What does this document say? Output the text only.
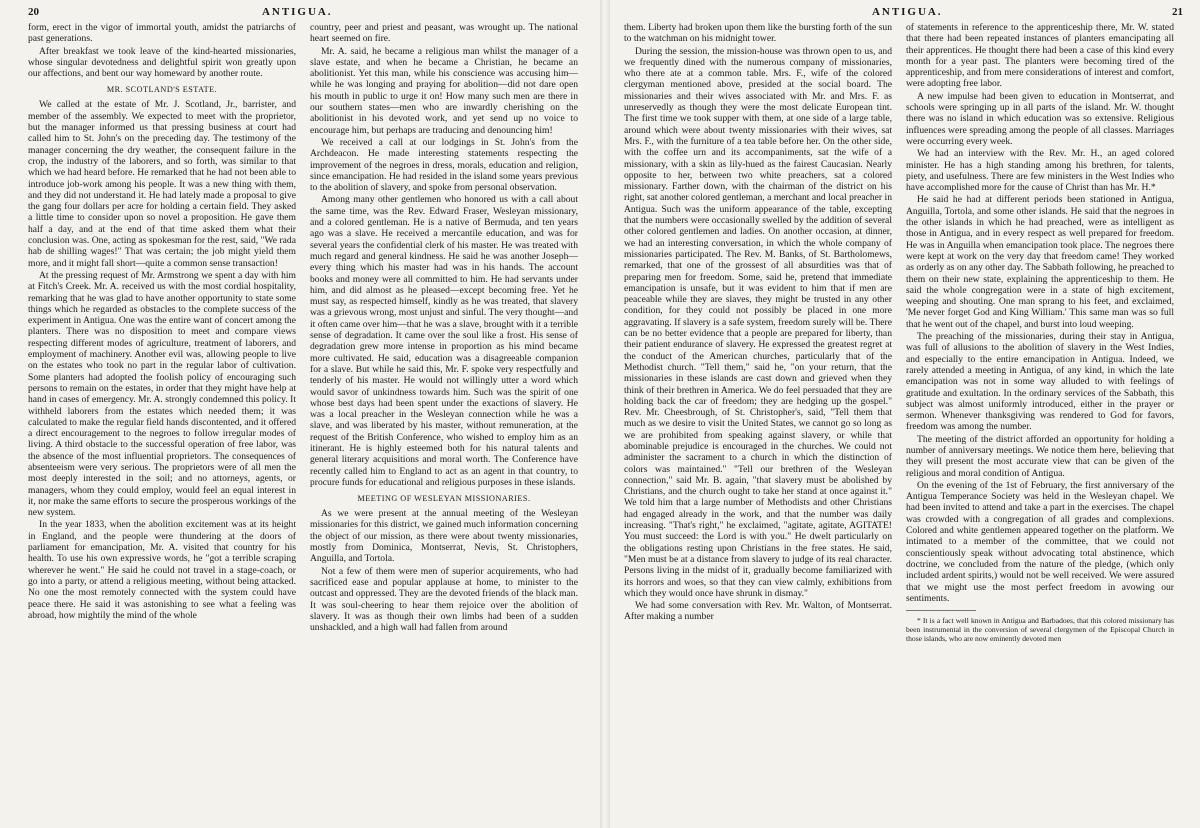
20	ANTIGUA.

form, erect in the vigor of immortal youth, amidst the patriarchs of past generations.

After breakfast we took leave of the kind-hearted missionaries, whose singular devotedness and delightful spirit won greatly upon our affections, and bent our way homeward by another route.

MR. SCOTLAND'S ESTATE.

We called at the estate of Mr. J. Scotland, Jr., barrister, and member of the assembly. We expected to meet with the proprietor, but the manager informed us that pressing business at court had called him to St. John's on the preceding day. The testimony of the manager concerning the dry weather, the consequent failure in the crop, the industry of the laborers, and so forth, was similar to that which we had heard before. He remarked that he had not been able to introduce job-work among his people. It was a new thing with them, and they did not understand it. He had lately made a proposal to give the gang four dollars per acre for holding a certain field. They asked a little time to consider upon so novel a proposition. He gave them half a day, and at the end of that time asked them what their conclusion was. One, acting as spokesman for the rest, said, "We rada hab de shilling wages!" That was certain; the job might yield them more, and it might fall short—quite a common sense transaction!

At the pressing request of Mr. Armstrong we spent a day with him at Fitch's Creek. Mr. A. received us with the most cordial hospitality, remarking that he was glad to have another opportunity to state some things which he regarded as obstacles to the complete success of the experiment in Antigua. One was the entire want of concert among the planters. There was no disposition to meet and compare views respecting different modes of agriculture, treatment of laborers, and employment of machinery. Another evil was, allowing people to live on the estates who took no part in the regular labor of cultivation. Some planters had adopted the foolish policy of encouraging such persons to remain on the estates, in order that they might have help at hand in cases of emergency. Mr. A. strongly condemned this policy. It withheld laborers from the estates which needed them; it was calculated to make the regular field hands discontented, and it offered a direct encouragement to the negroes to follow irregular modes of living. A third obstacle to the successful operation of free labor, was the absence of the most influential proprietors. The consequences of absenteeism were very serious. The proprietors were of all men the most deeply interested in the soil; and no attorneys, agents, or managers, whom they could employ, would feel an equal interest in it, nor make the same efforts to secure the prosperous workings of the new system.

In the year 1833, when the abolition excitement was at its height in England, and the people were thundering at the doors of parliament for emancipation, Mr. A. visited that country for his health. To use his own expressive words, he "got a terrible scraping wherever he went." He said he could not travel in a stage-coach, or go into a party, or attend a religious meeting, without being attacked. No one the most remotely connected with the system could have peace there. He said it was astonishing to see what a feeling was abroad, how mightily the mind of the whole

country, peer and priest and peasant, was wrought up. The national heart seemed on fire.

Mr. A. said, he became a religious man whilst the manager of a slave estate, and when he became a Christian, he became an abolitionist. Yet this man, while his conscience was accusing him—while he was longing and praying for abolition—did not dare open his mouth in public to urge it on! How many such men are there in our southern states—men who are inwardly cherishing on the abolitionist in his devoted work, and yet send up no voice to encourage him, but perhaps are traducing and denouncing him!

We received a call at our lodgings in St. John's from the Archdeacon. He made interesting statements respecting the improvement of the negroes in dress, morals, education and religion, since emancipation. He had resided in the island some years previous to the abolition of slavery, and spoke from personal observation.

Among many other gentlemen who honored us with a call about the same time, was the Rev. Edward Fraser, Wesleyan missionary, and a colored gentleman. He is a native of Bermuda, and ten years ago was a slave. He received a mercantile education, and was for several years the confidential clerk of his master. He was treated with much regard and general kindness. He said he was another Joseph—every thing which his master had was in his hands. The account books and money were all committed to him. He had servants under him, and did almost as he pleased—except becoming free. Yet he must say, as respected himself, kindly as he was treated, that slavery was a grievous wrong, most unjust and sinful. The very thought—and it often came over him—that he was a slave, brought with it a terrible sense of degradation. It came over the soul like a frost. His sense of degradation grew more intense in proportion as his mind became more cultivated. He said, education was a disagreeable companion for a slave. But while he said this, Mr. F. spoke very respectfully and tenderly of his master. He would not willingly utter a word which would savor of unkindness towards him. Such was the spirit of one whose best days had been spent under the exactions of slavery. He was a local preacher in the Wesleyan connection while he was a slave, and was liberated by his master, without remuneration, at the request of the British Conference, who wished to employ him as an itinerant. He is highly esteemed both for his natural talents and general literary acquisitions and moral worth. The Conference have recently called him to England to act as an agent in that country, to procure funds for educational and religious purposes in these islands.

MEETING OF WESLEYAN MISSIONARIES.

As we were present at the annual meeting of the Wesleyan missionaries for this district, we gained much information concerning the object of our mission, as there were about twenty missionaries, mostly from Dominica, Montserrat, Nevis, St. Christophers, Anguilla, and Tortola.

Not a few of them were men of superior acquirements, who had sacrificed ease and popular applause at home, to minister to the outcast and oppressed. They are the devoted friends of the black man. It was soul-cheering to hear them rejoice over the abolition of slavery. It was as though their own limbs had been of a sudden unshackled, and a high wall had fallen from around

ANTIGUA.	21

them. Liberty had broken upon them like the bursting forth of the sun to the watchman on his midnight tower.

During the session, the mission-house was thrown open to us, and we frequently dined with the numerous company of missionaries, who there ate at a common table. Mrs. F., wife of the colored clergyman mentioned above, presided at the social board. The missionaries and their wives associated with Mr. and Mrs. F. as unreservedly as though they were the most delicate European tint. The first time we took supper with them, at one side of a large table, around which were about twenty missionaries with their wives, sat Mrs. F., with the furniture of a tea table before her. On the other side, with the coffee urn and its accompaniments, sat the wife of a missionary, with a skin as lily-hued as the fairest Caucasian. Nearly opposite to her, between two white preachers, sat a colored missionary. Farther down, with the chairman of the district on his right, sat another colored gentleman, a merchant and local preacher in Antigua. Such was the uniform appearance of the table, excepting that the numbers were occasionally swelled by the addition of several other colored gentlemen and ladies. On another occasion, at dinner, we had an interesting conversation, in which the whole company of missionaries participated. The Rev. M. Banks, of St. Bartholomews, remarked, that one of the grossest of all absurdities was that of preparing men for freedom. Some, said he, pretend that immediate emancipation is unsafe, but it was evident to him that if men are peaceable while they are slaves, they might be trusted in any other condition, for they could not possibly be placed in one more aggravating. If slavery is a safe system, freedom surely will be. There can be no better evidence that a people are prepared for liberty, than their patient endurance of slavery. He expressed the greatest regret at the conduct of the American churches, particularly that of the Methodist church. "Tell them," said he, "on your return, that the missionaries in these islands are cast down and grieved when they think of their brethren in America. We do feel persuaded that they are holding back the car of freedom; they are hedging up the gospel." Rev. Mr. Cheesbrough, of St. Christopher's, said, "Tell them that much as we desire to visit the United States, we cannot go so long as we are prohibited from speaking against slavery, or while that abominable prejudice is encouraged in the churches. We could not administer the sacrament to a church in which the distinction of colors was maintained." "Tell our brethren of the Wesleyan connection," said Mr. B. again, "that slavery must be abolished by Christians, and the church ought to take her stand at once against it." We told him that a large number of Methodists and other Christians had engaged already in the work, and that the number was daily increasing. "That's right," he exclaimed, "agitate, agitate, AGITATE! You must succeed: the Lord is with you." He dwelt particularly on the obligations resting upon Christians in the free states. He said, "Men must be at a distance from slavery to judge of its real character. Persons living in the midst of it, gradually become familiarized with its horrors and woes, so that they can view calmly, exhibitions from which they would once have shrunk in dismay."

We had some conversation with Rev. Mr. Walton, of Montserrat. After making a number

of statements in reference to the apprenticeship there, Mr. W. stated that there had been repeated instances of planters emancipating all their apprentices. He thought there had been a case of this kind every month for a year past. The planters were becoming tired of the apprenticeship, and from mere considerations of interest and comfort, were adopting free labor.

A new impulse had been given to education in Montserrat, and schools were springing up in all parts of the island. Mr. W. thought there was no island in which education was so extensive. Religious influences were spreading among the people of all classes. Marriages were occurring every week.

We had an interview with the Rev. Mr. H., an aged colored minister. He has a high standing among his brethren, for talents, piety, and usefulness. There are few ministers in the West Indies who have accomplished more for the cause of Christ than has Mr. H.*

He said he had at different periods been stationed in Antigua, Anguilla, Tortola, and some other islands. He said that the negroes in the other islands in which he had preached, were as intelligent as those in Antigua, and in every respect as well prepared for freedom. He was in Anguilla when emancipation took place. The negroes there were kept at work on the very day that freedom came! They worked as orderly as on any other day. The Sabbath following, he preached to them on their new state, explaining the apprenticeship to them. He said the whole congregation were in a state of high excitement, weeping and shouting. One man sprang to his feet, and exclaimed, 'Me never forget God and King William.' This same man was so full that he went out of the chapel, and burst into loud weeping.

The preaching of the missionaries, during their stay in Antigua, was full of allusions to the abolition of slavery in the West Indies, and especially to the entire emancipation in Antigua. Indeed, we rarely attended a meeting in Antigua, of any kind, in which the late emancipation was not in some way alluded to with feelings of gratitude and exultation. In the ordinary services of the Sabbath, this subject was almost uniformly introduced, either in the prayer or sermon. Whenever thanksgiving was rendered to God for favors, freedom was among the number.

The meeting of the district afforded an opportunity for holding a number of anniversary meetings. We notice them here, believing that they will present the most accurate view that can be given of the religious and moral condition of Antigua.

On the evening of the 1st of February, the first anniversary of the Antigua Temperance Society was held in the Wesleyan chapel. We had been invited to attend and take a part in the exercises. The chapel was crowded with a congregation of all grades and complexions. Colored and white gentlemen appeared together on the platform. We intimated to a member of the committee, that we could not conscientiously speak without advocating total abstinence, which doctrine, we concluded from the nature of the pledge, (which only included ardent spirits,) would not be well received. We were assured that we might use the most perfect freedom in avowing our sentiments.

* It is a fact well known in Antigua and Barbadoes, that this colored missionary has been instrumental in the conversion of several clergymen of the Episcopal Church in those islands, who are now eminently devoted men
